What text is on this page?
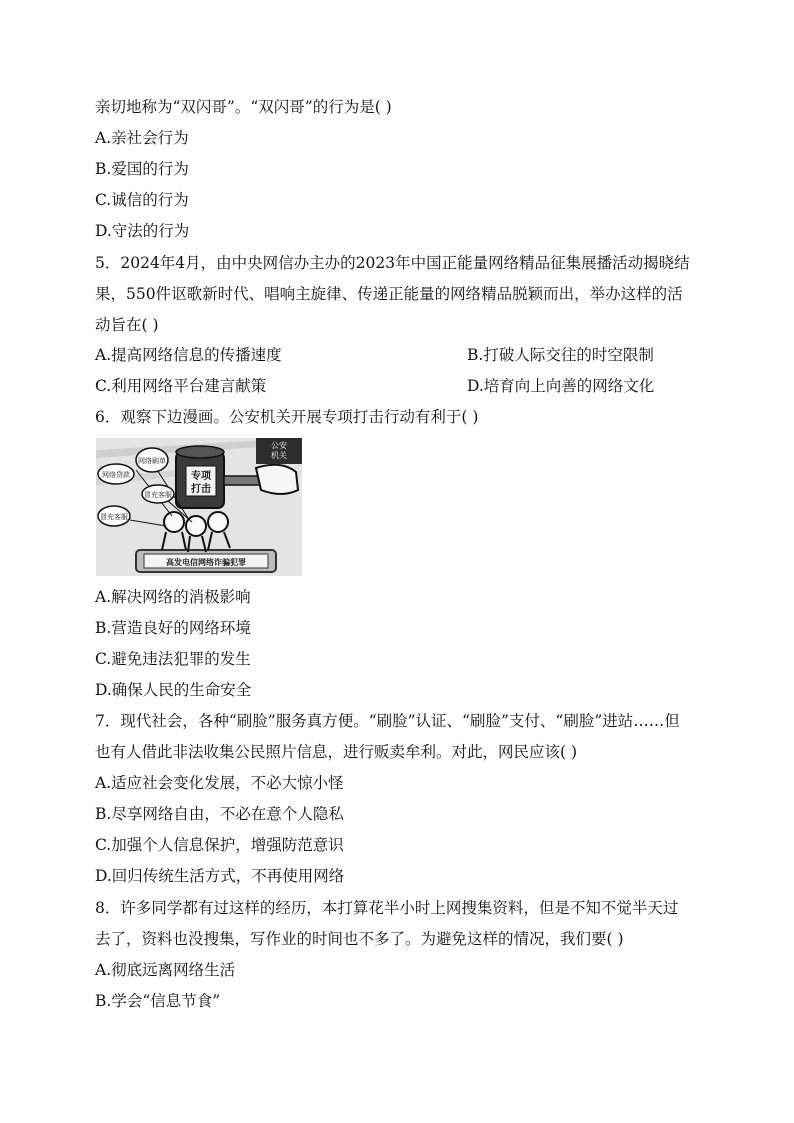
亲切地称为“双闪哥”。“双闪哥”的行为是( )
A.亲社会行为
B.爱国的行为
C.诚信的行为
D.守法的行为
5．2024年4月，由中央网信办主办的2023年中国正能量网络精品征集展播活动揭晓结
果，550件讴歌新时代、唱响主旋律、传递正能量的网络精品脱颖而出，举办这样的活
动旨在( )
A.提高网络信息的传播速度	B.打破人际交往的时空限制
C.利用网络平台建言献策	D.培育向上向善的网络文化
6．观察下边漫画。公安机关开展专项打击行动有利于( )
高发电信网络诈骗犯罪
专项
打击
公安
机关
网络贷款
网络刷单
冒充客服
冒充客服
A.解决网络的消极影响
B.营造良好的网络环境
C.避免违法犯罪的发生
D.确保人民的生命安全
7．现代社会，各种“刷脸”服务真方便。“刷脸”认证、“刷脸”支付、“刷脸”进站……但
也有人借此非法收集公民照片信息，进行贩卖牟利。对此，网民应该( )
A.适应社会变化发展，不必大惊小怪
B.尽享网络自由，不必在意个人隐私
C.加强个人信息保护，增强防范意识
D.回归传统生活方式，不再使用网络
8．许多同学都有过这样的经历，本打算花半小时上网搜集资料，但是不知不觉半天过
去了，资料也没搜集，写作业的时间也不多了。为避免这样的情况，我们要( )
A.彻底远离网络生活
B.学会“信息节食”
